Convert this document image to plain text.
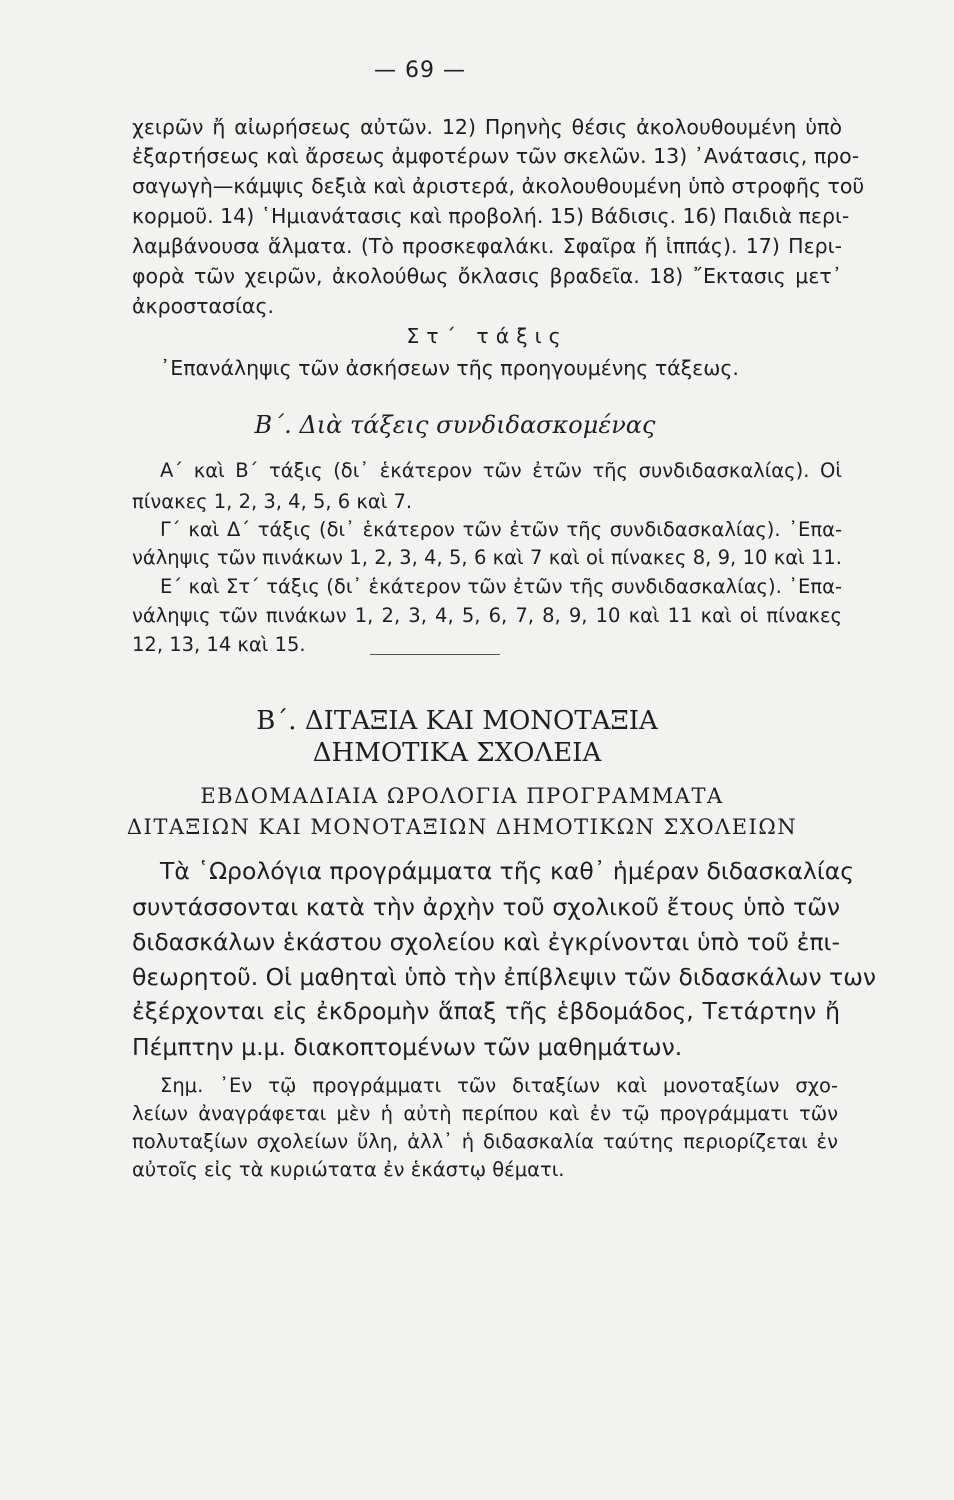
— 69 —
χειρῶν ἤ αἰωρήσεως αὐτῶν. 12) Πρηνὴς θέσις ἀκολουθουμένη ὑπὸ
ἐξαρτήσεως καὶ ἄρσεως ἀμφοτέρων τῶν σκελῶν. 13) ᾿Ανάτασις, προ-
σαγωγὴ—κάμψις δεξιὰ καὶ ἀριστερά, ἀκολουθουμένη ὑπὸ στροφῆς τοῦ
κορμοῦ. 14) ῾Ημιανάτασις καὶ προβολή. 15) Βάδισις. 16) Παιδιὰ περι-
λαμβάνουσα ἅλματα. (Τὸ προσκεφαλάκι. Σφαῖρα ἤ ἱππάς). 17) Περι-
φορὰ τῶν χειρῶν, ἀκολούθως ὄκλασις βραδεῖα. 18) ῎Εκτασις μετ᾿
ἀκροστασίας.
Στ΄ τάξις
᾿Επανάληψις τῶν ἀσκήσεων τῆς προηγουμένης τάξεως.
Β΄. Διὰ τάξεις συνδιδασκομένας
Α΄ καὶ Β΄ τάξις (δι᾿ ἑκάτερον τῶν ἐτῶν τῆς συνδιδασκαλίας). Οἱ
πίνακες 1, 2, 3, 4, 5, 6 καὶ 7.
Γ΄ καὶ Δ΄ τάξις (δι᾿ ἑκάτερον τῶν ἐτῶν τῆς συνδιδασκαλίας). ᾿Επα-
νάληψις τῶν πινάκων 1, 2, 3, 4, 5, 6 καὶ 7 καὶ οἱ πίνακες 8, 9, 10 καὶ 11.
Ε΄ καὶ Στ΄ τάξις (δι᾿ ἑκάτερον τῶν ἐτῶν τῆς συνδιδασκαλίας). ᾿Επα-
νάληψις τῶν πινάκων 1, 2, 3, 4, 5, 6, 7, 8, 9, 10 καὶ 11 καὶ οἱ πίνακες
12, 13, 14 καὶ 15.
Β΄. ΔΙΤΑΞΙΑ ΚΑΙ ΜΟΝΟΤΑΞΙΑ
ΔΗΜΟΤΙΚΑ ΣΧΟΛΕΙΑ
ΕΒΔΟΜΑΔΙΑΙΑ ΩΡΟΛΟΓΙΑ ΠΡΟΓΡΑΜΜΑΤΑ
ΔΙΤΑΞΙΩΝ ΚΑΙ ΜΟΝΟΤΑΞΙΩΝ ΔΗΜΟΤΙΚΩΝ ΣΧΟΛΕΙΩΝ
Τὰ ῾Ωρολόγια προγράμματα τῆς καθ᾿ ἡμέραν διδασκαλίας
συντάσσονται κατὰ τὴν ἀρχὴν τοῦ σχολικοῦ ἔτους ὑπὸ τῶν
διδασκάλων ἑκάστου σχολείου καὶ ἐγκρίνονται ὑπὸ τοῦ ἐπι-
θεωρητοῦ. Οἱ μαθηταὶ ὑπὸ τὴν ἐπίβλεψιν τῶν διδασκάλων των
ἐξέρχονται εἰς ἐκδρομὴν ἅπαξ τῆς ἑβδομάδος, Τετάρτην ἤ
Πέμπτην μ.μ. διακοπτομένων τῶν μαθημάτων.
Σημ. ᾿Εν τῷ προγράμματι τῶν διταξίων καὶ μονοταξίων σχο-
λείων ἀναγράφεται μὲν ἡ αὐτὴ περίπου καὶ ἐν τῷ προγράμματι τῶν
πολυταξίων σχολείων ὕλη, ἀλλ᾿ ἡ διδασκαλία ταύτης περιορίζεται ἐν
αὐτοῖς εἰς τὰ κυριώτατα ἐν ἑκάστῳ θέματι.
